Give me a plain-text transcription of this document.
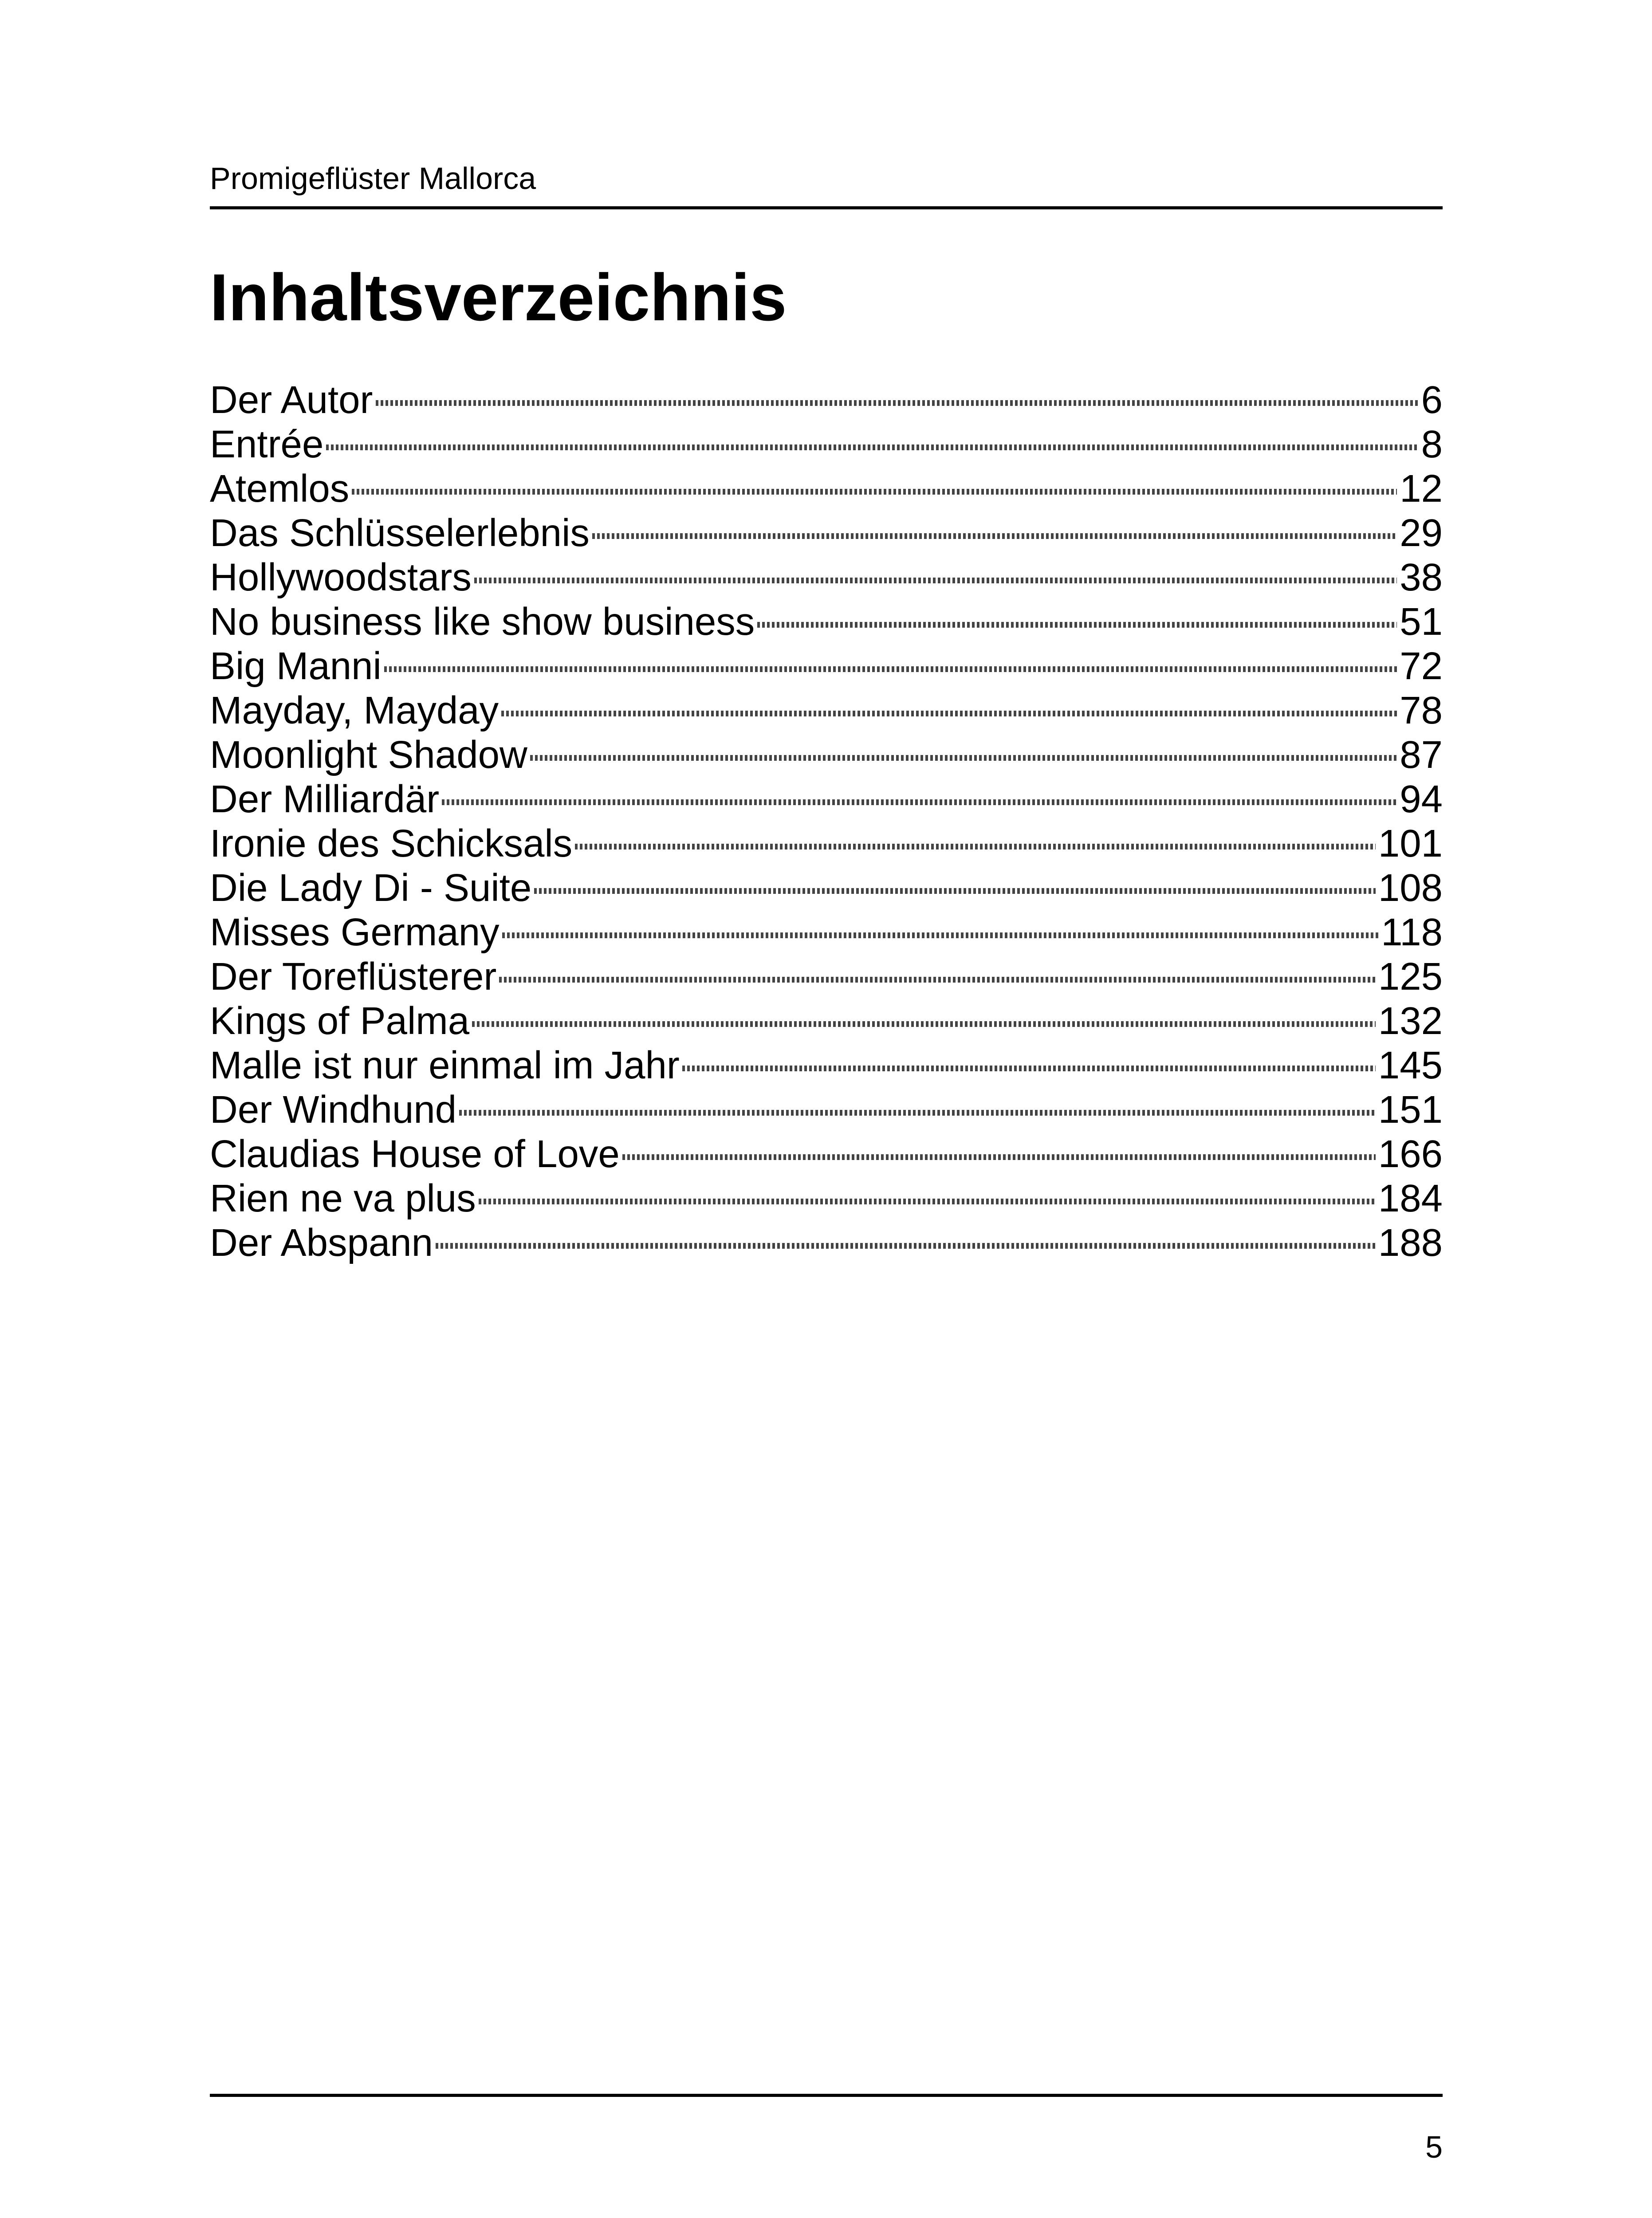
Promigeflüster Mallorca
Inhaltsverzeichnis
Der Autor	6
Entrée	8
Atemlos	12
Das Schlüsselerlebnis	29
Hollywoodstars	38
No business like show business	51
Big Manni	72
Mayday, Mayday	78
Moonlight Shadow	87
Der Milliardär	94
Ironie des Schicksals	101
Die Lady Di - Suite	108
Misses Germany	118
Der Toreflüsterer	125
Kings of Palma	132
Malle ist nur einmal im Jahr	145
Der Windhund	151
Claudias House of Love	166
Rien ne va plus	184
Der Abspann	188
5
